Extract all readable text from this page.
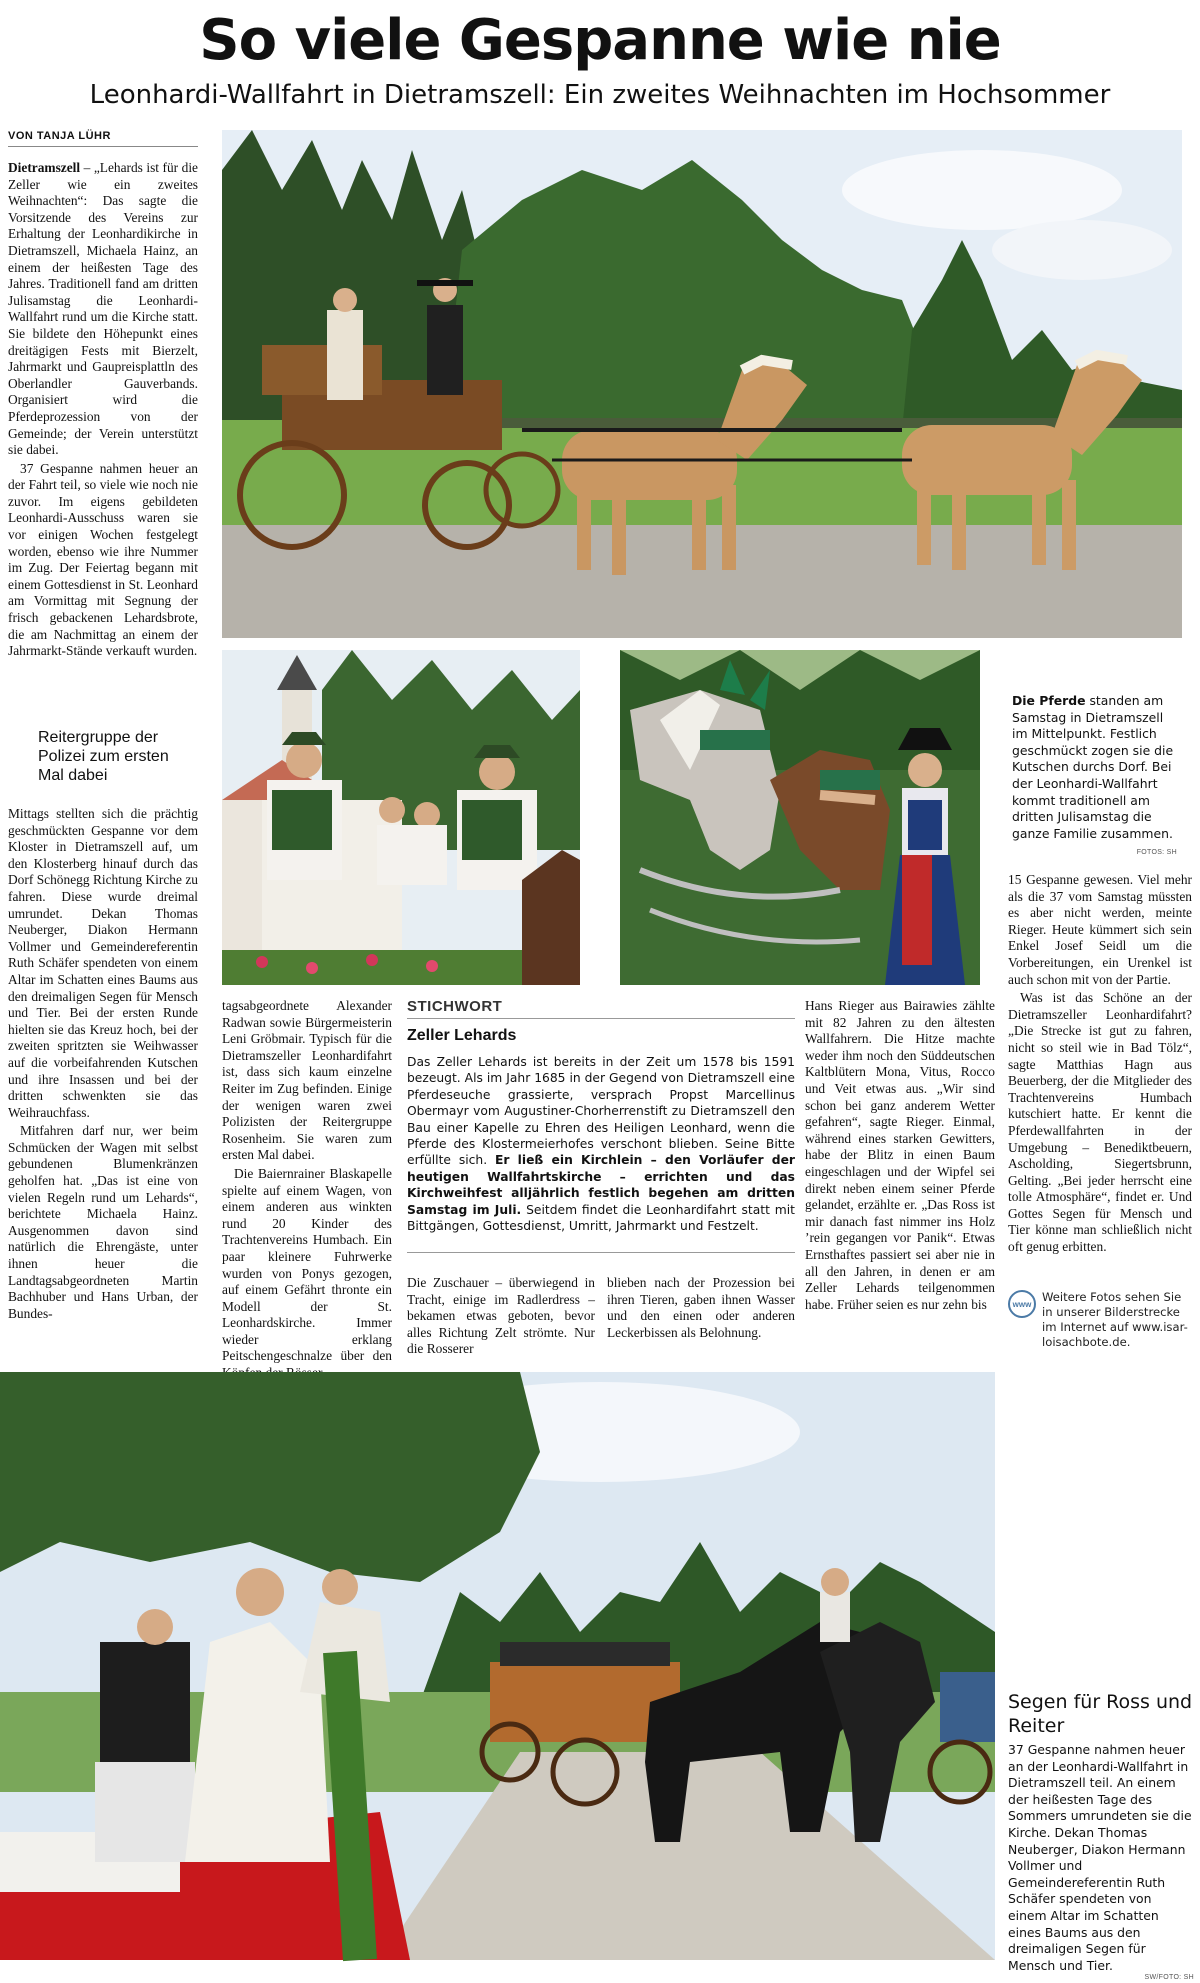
So viele Gespanne wie nie
Leonhardi-Wallfahrt in Dietramszell: Ein zweites Weihnachten im Hochsommer
VON TANJA LÜHR

Dietramszell – „Lehards ist für die Zeller wie ein zweites Weihnachten“: Das sagte die Vorsitzende des Vereins zur Erhaltung der Leonhardikirche in Dietramszell, Michaela Hainz, an einem der heißesten Tage des Jahres. Traditionell fand am dritten Julisamstag die Leonhardi-Wallfahrt rund um die Kirche statt. Sie bildete den Höhepunkt eines dreitägigen Fests mit Bierzelt, Jahrmarkt und Gaupreisplattln des Oberlandler Gauverbands. Organisiert wird die Pferdeprozession von der Gemeinde; der Verein unterstützt sie dabei.

37 Gespanne nahmen heuer an der Fahrt teil, so viele wie noch nie zuvor. Im eigens gebildeten Leonhardi-Ausschuss waren sie vor einigen Wochen festgelegt worden, ebenso wie ihre Nummer im Zug. Der Feiertag begann mit einem Gottesdienst in St. Leonhard am Vormittag mit Segnung der frisch gebackenen Lehardsbrote, die am Nachmittag an einem der Jahrmarkt-Stände verkauft wurden.

Reitergruppe der Polizei zum ersten Mal dabei

Mittags stellten sich die prächtig geschmückten Gespanne vor dem Kloster in Dietramszell auf, um den Klosterberg hinauf durch das Dorf Schönegg Richtung Kirche zu fahren. Diese wurde dreimal umrundet. Dekan Thomas Neuberger, Diakon Hermann Vollmer und Gemeindereferentin Ruth Schäfer spendeten von einem Altar im Schatten eines Baums aus den dreimaligen Segen für Mensch und Tier. Bei der ersten Runde hielten sie das Kreuz hoch, bei der zweiten spritzten sie Weihwasser auf die vorbeifahrenden Kutschen und ihre Insassen und bei der dritten schwenkten sie das Weihrauchfass.

Mitfahren darf nur, wer beim Schmücken der Wagen mit selbst gebundenen Blumenkränzen geholfen hat. „Das ist eine von vielen Regeln rund um Lehards“, berichtete Michaela Hainz. Ausgenommen davon sind natürlich die Ehrengäste, unter ihnen heuer die Landtagsabgeordneten Martin Bachhuber und Hans Urban, der Bundes-

Die Pferde standen am Samstag in Dietramszell im Mittelpunkt. Festlich geschmückt zogen sie die Kutschen durchs Dorf. Bei der Leonhardi-Wallfahrt kommt traditionell am dritten Julisamstag die ganze Familie zusammen.
FOTOS: SH

tagsabgeordnete Alexander Radwan sowie Bürgermeisterin Leni Gröbmair. Typisch für die Dietramszeller Leonhardifahrt ist, dass sich kaum einzelne Reiter im Zug befinden. Einige der wenigen waren zwei Polizisten der Reitergruppe Rosenheim. Sie waren zum ersten Mal dabei.

Die Baiernrainer Blaskapelle spielte auf einem Wagen, von einem anderen aus winkten rund 20 Kinder des Trachtenvereins Humbach. Ein paar kleinere Fuhrwerke wurden von Ponys gezogen, auf einem Gefährt thronte ein Modell der St. Leonhardskirche. Immer wieder erklang Peitschengeschnalze über den

STICHWORT
Zeller Lehards
Das Zeller Lehards ist bereits in der Zeit um 1578 bis 1591 bezeugt. Als im Jahr 1685 in der Gegend von Dietramszell eine Pferdeseuche grassierte, versprach Propst Marcellinus Obermayr vom Augustiner-Chorherrenstift zu Dietramszell den Bau einer Kapelle zu Ehren des Heiligen Leonhard, wenn die Pferde des Klostermeierhofes verschont blieben. Seine Bitte erfüllte sich. Er ließ ein Kirchlein – den Vorläufer der heutigen Wallfahrtskirche – errichten und das Kirchweihfest alljährlich festlich begehen am dritten Samstag im Juli. Seitdem findet die Leonhardifahrt statt mit Bittgängen, Gottesdienst, Umritt, Jahrmarkt und Festzelt.

Die Zuschauer – überwiegend in Tracht, einige im Radlerdress – bekamen etwas geboten, bevor alles Richtung Zelt strömte. Nur die Rosserer

blieben nach der Prozession bei ihren Tieren, gaben ihnen Wasser und den einen oder anderen Leckerbissen als Belohnung.

Hans Rieger aus Bairawies zählte mit 82 Jahren zu den ältesten Wallfahrern. Die Hitze machte weder ihm noch den Süddeutschen Kaltblütern Mona, Vitus, Rocco und Veit etwas aus. „Wir sind schon bei ganz anderem Wetter gefahren“, sagte Rieger. Einmal, während eines starken Gewitters, habe der Blitz in einen Baum eingeschlagen und der Wipfel sei direkt neben einem seiner Pferde gelandet, erzählte er. „Das Ross ist mir danach fast nimmer ins Holz ’rein gegangen vor Panik“. Etwas Ernsthaftes passiert sei aber nie in all den Jahren, in denen er am Zeller Lehards teilgenommen habe. Früher seien es nur zehn bis

15 Gespanne gewesen. Viel mehr als die 37 vom Samstag müssten es aber nicht werden, meinte Rieger. Heute kümmert sich sein Enkel Josef Seidl um die Vorbereitungen, ein Urenkel ist auch schon mit von der Partie.

Was ist das Schöne an der Dietramszeller Leonhardifahrt? „Die Strecke ist gut zu fahren, nicht so steil wie in Bad Tölz“, sagte Matthias Hagn aus Beuerberg, der die Mitglieder des Trachtenvereins Humbach kutschiert hatte. Er kennt die Pferdewallfahrten in der Umgebung – Benediktbeuern, Ascholding, Siegertsbrunn, Gelting. „Bei jeder herrscht eine tolle Atmosphäre“, findet er. Und Gottes Segen für Mensch und Tier könne man schließlich nicht oft genug erbitten.

www Weitere Fotos sehen Sie in unserer Bilderstrecke im Internet auf www.isar-loisachbote.de.
Segen für Ross und Reiter
37 Gespanne nahmen heuer an der Leonhardi-Wallfahrt in Dietramszell teil. An einem der heißesten Tage des Sommers umrundeten sie die Kirche. Dekan Thomas Neuberger, Diakon Hermann Vollmer und Gemeindereferentin Ruth Schäfer spendeten von einem Altar im Schatten eines Baums aus den dreimaligen Segen für Mensch und Tier.
SW/FOTO: SH
